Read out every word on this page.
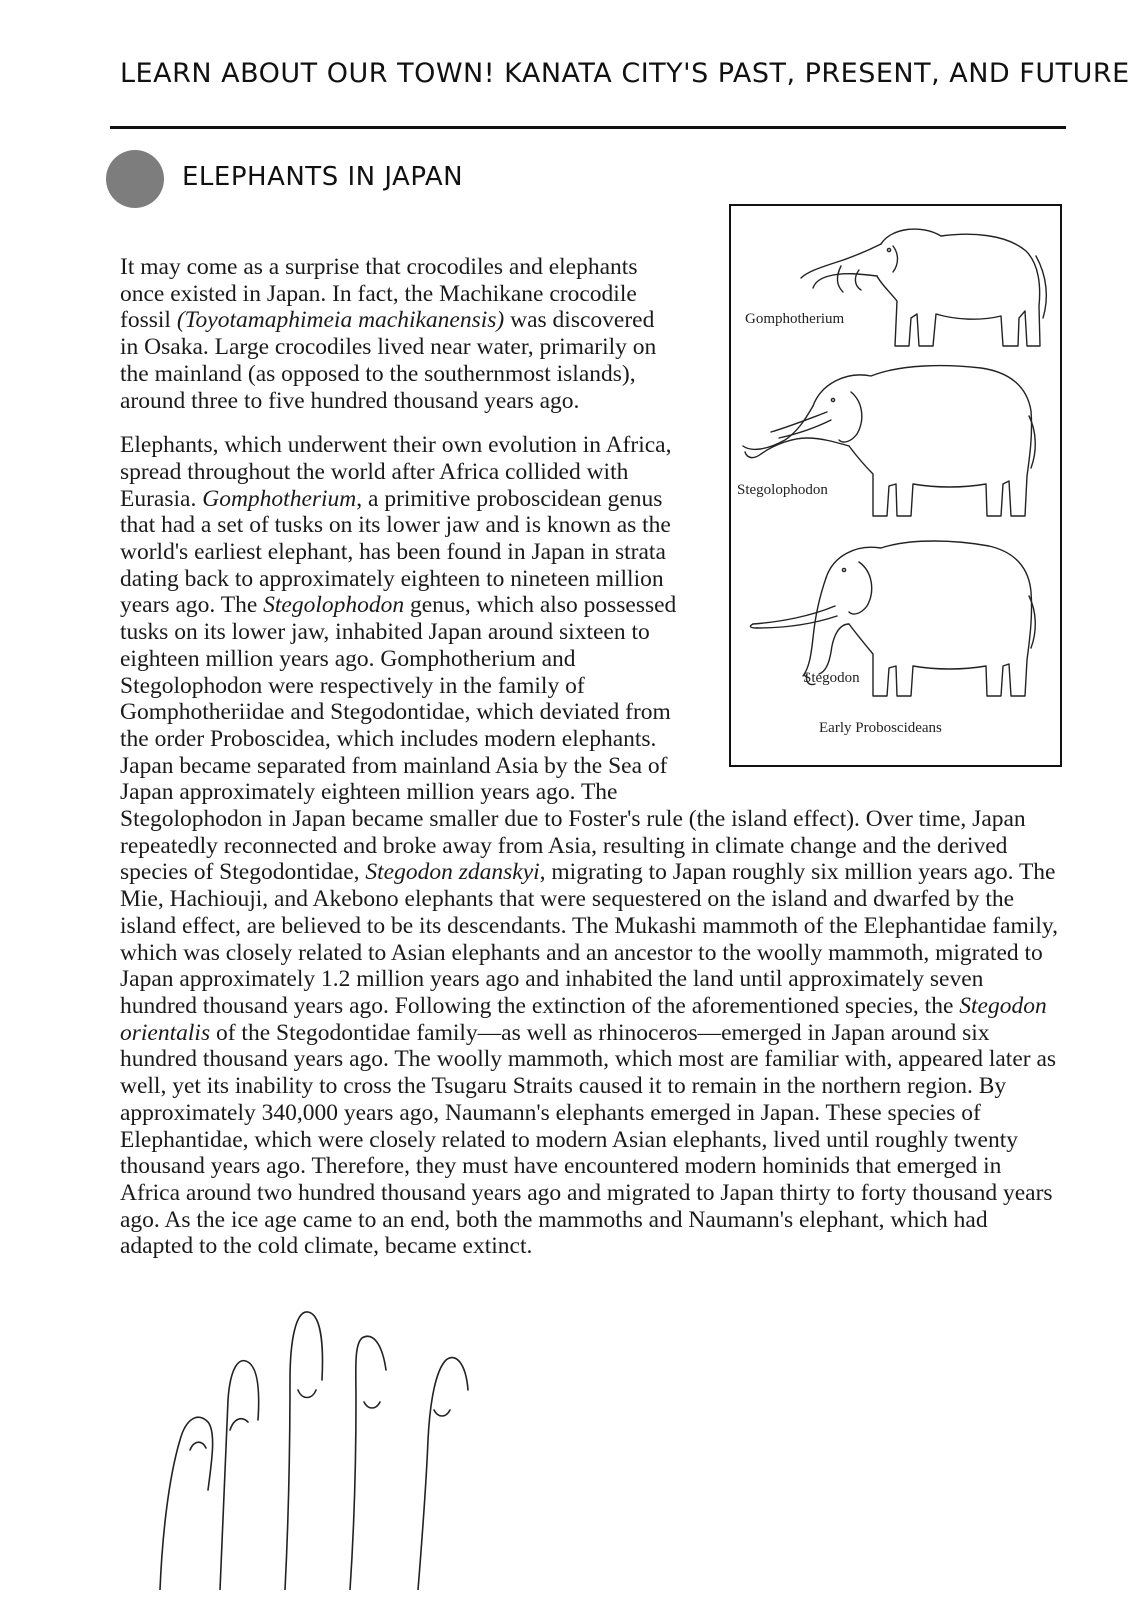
LEARN ABOUT OUR TOWN! KANATA CITY'S PAST, PRESENT, AND FUTURE
ELEPHANTS IN JAPAN
Gomphotherium
Stegolophodon
Stegodon
Early Proboscideans

It may come as a surprise that crocodiles and elephants once existed in Japan. In fact, the Machikane crocodile fossil (Toyotamaphimeia machikanensis) was discovered in Osaka. Large crocodiles lived near water, primarily on the mainland (as opposed to the southernmost islands), around three to five hundred thousand years ago.

Elephants, which underwent their own evolution in Africa, spread throughout the world after Africa collided with Eurasia. Gomphotherium, a primitive proboscidean genus that had a set of tusks on its lower jaw and is known as the world's earliest elephant, has been found in Japan in strata dating back to approximately eighteen to nineteen million years ago. The Stegolophodon genus, which also possessed tusks on its lower jaw, inhabited Japan around sixteen to eighteen million years ago. Gomphotherium and Stegolophodon were respectively in the family of Gomphotheriidae and Stegodontidae, which deviated from the order Proboscidea, which includes modern elephants. Japan became separated from mainland Asia by the Sea of Japan approximately eighteen million years ago. The Stegolophodon in Japan became smaller due to Foster's rule (the island effect). Over time, Japan repeatedly reconnected and broke away from Asia, resulting in climate change and the derived species of Stegodontidae, Stegodon zdanskyi, migrating to Japan roughly six million years ago. The Mie, Hachiouji, and Akebono elephants that were sequestered on the island and dwarfed by the island effect, are believed to be its descendants. The Mukashi mammoth of the Elephantidae family, which was closely related to Asian elephants and an ancestor to the woolly mammoth, migrated to Japan approximately 1.2 million years ago and inhabited the land until approximately seven hundred thousand years ago. Following the extinction of the aforementioned species, the Stegodon orientalis of the Stegodontidae family—as well as rhinoceros—emerged in Japan around six hundred thousand years ago. The woolly mammoth, which most are familiar with, appeared later as well, yet its inability to cross the Tsugaru Straits caused it to remain in the northern region. By approximately 340,000 years ago, Naumann's elephants emerged in Japan. These species of Elephantidae, which were closely related to modern Asian elephants, lived until roughly twenty thousand years ago. Therefore, they must have encountered modern hominids that emerged in Africa around two hundred thousand years ago and migrated to Japan thirty to forty thousand years ago. As the ice age came to an end, both the mammoths and Naumann's elephant, which had adapted to the cold climate, became extinct.
